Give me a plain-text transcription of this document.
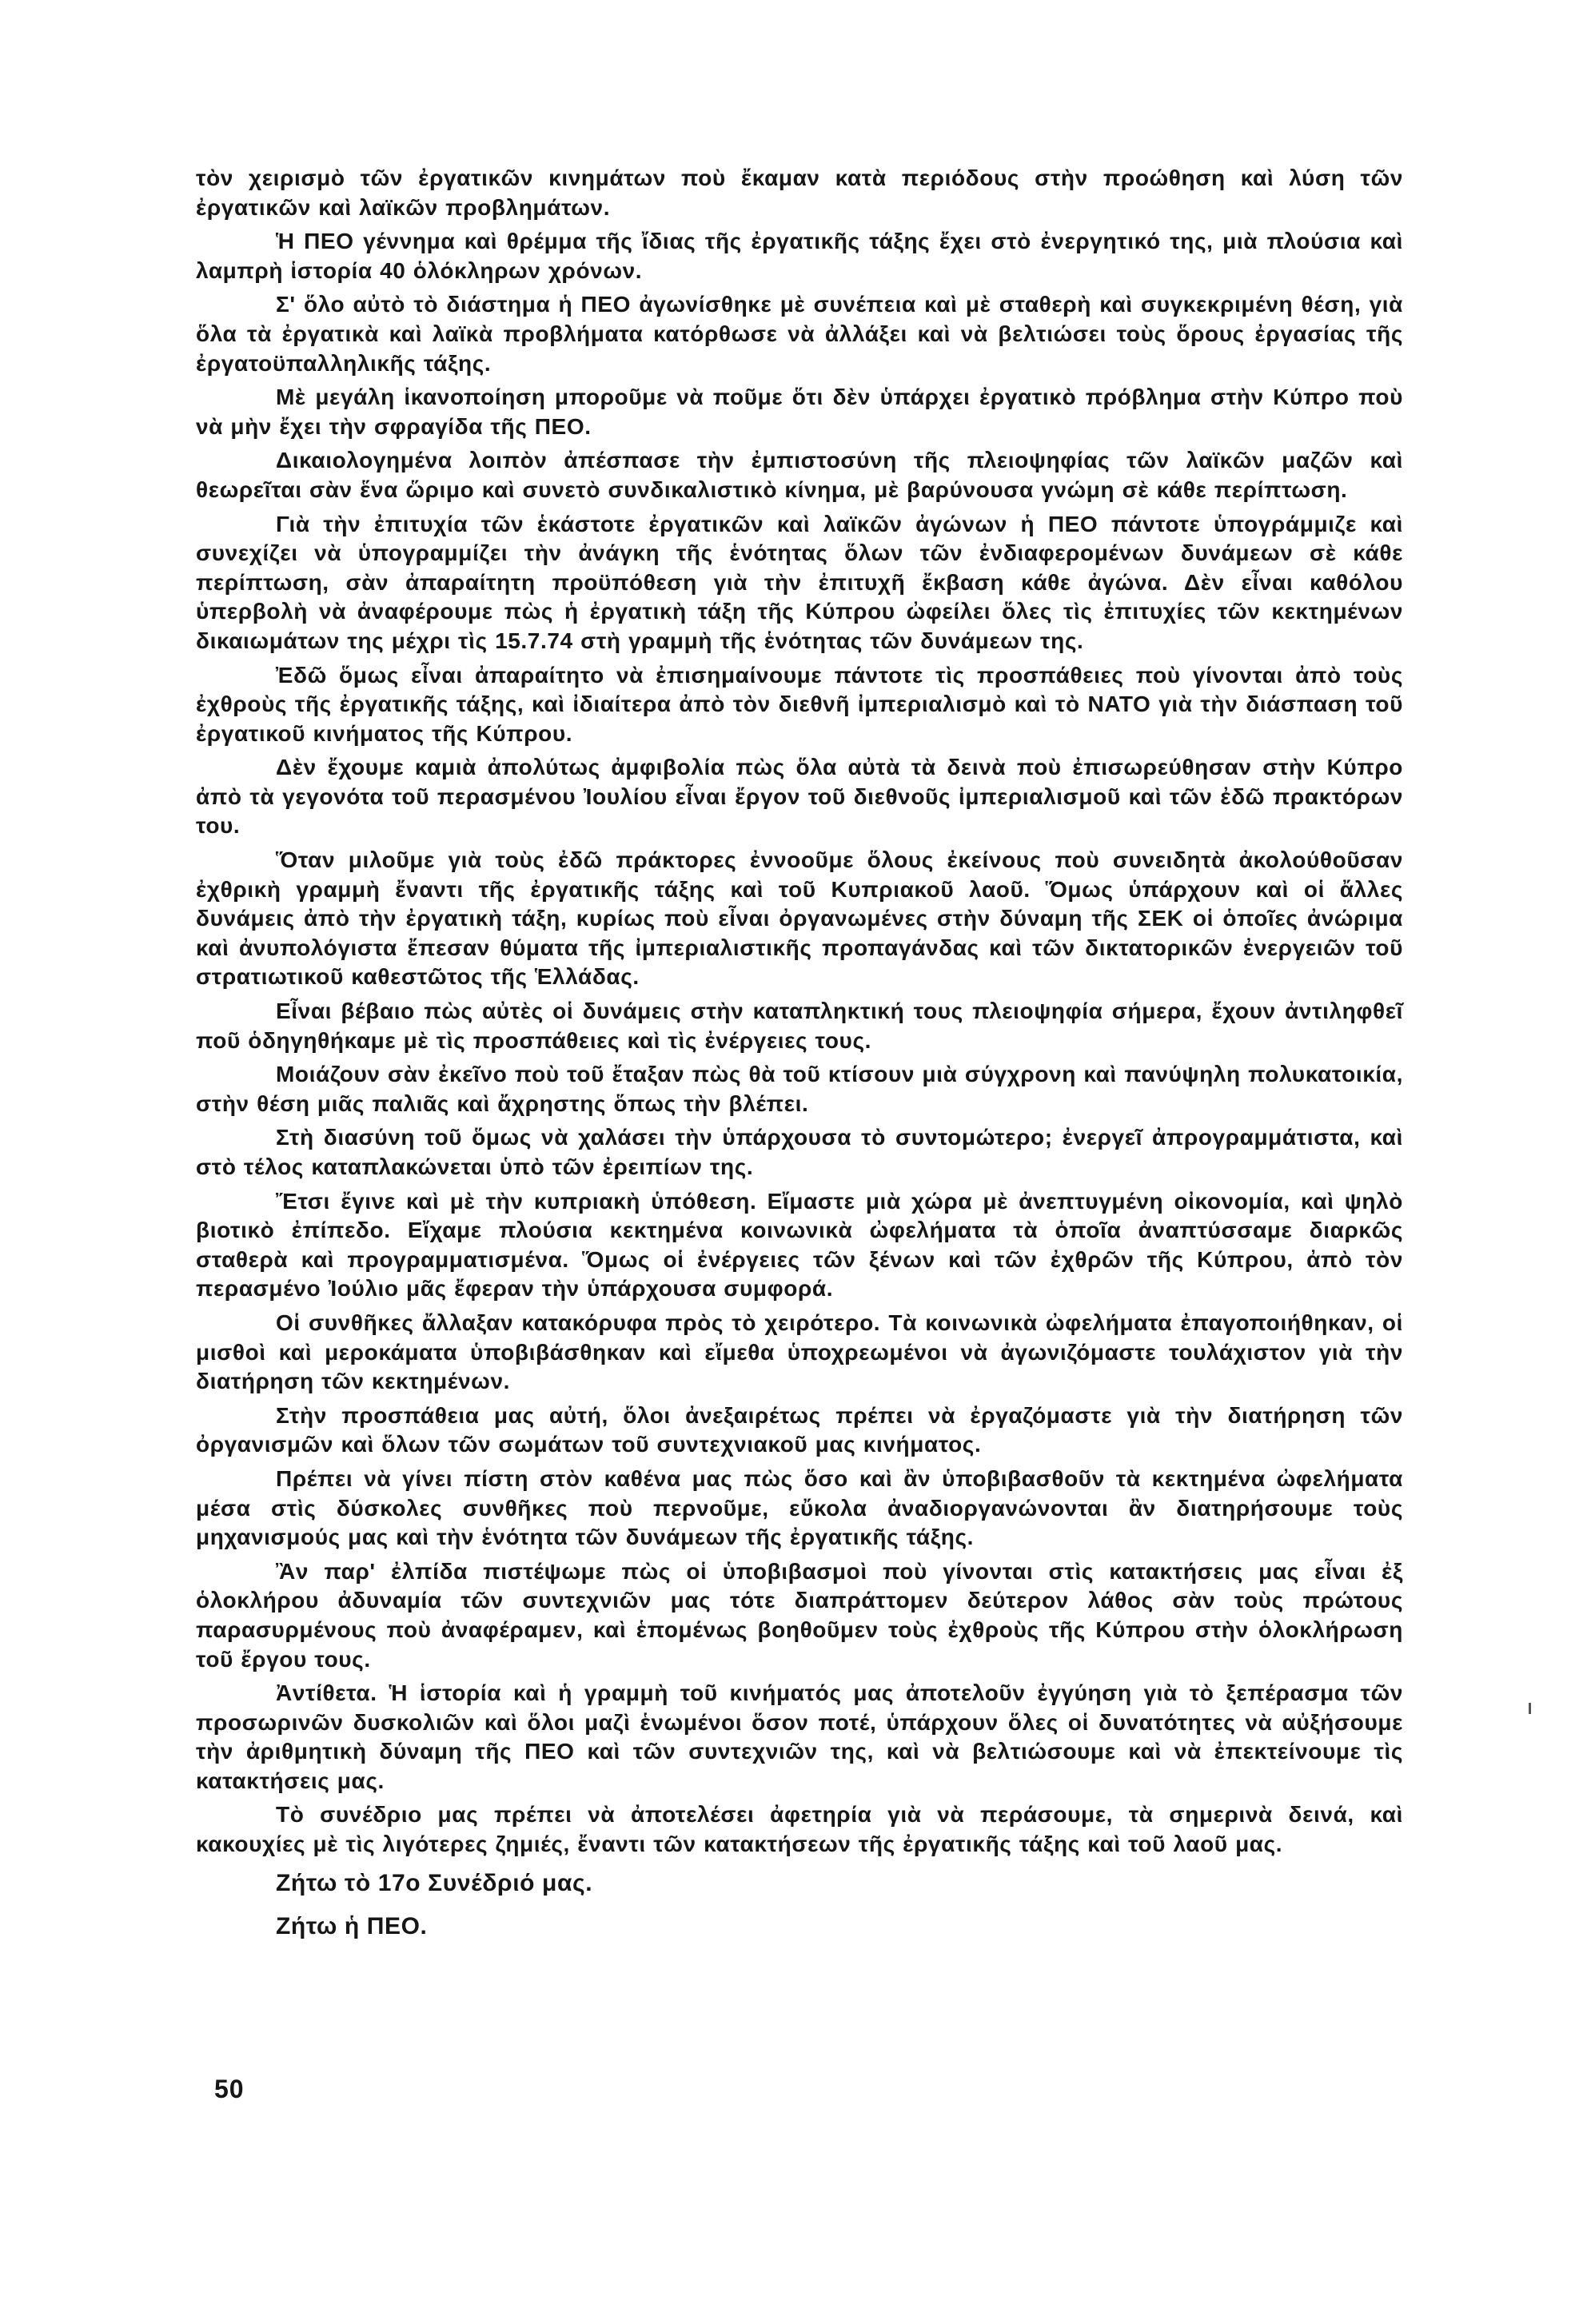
τὸν χειρισμὸ τῶν ἐργατικῶν κινημάτων ποὺ ἔκαμαν κατὰ περιόδους στὴν προώθηση καὶ λύση τῶν ἐργατικῶν καὶ λαϊκῶν προβλημάτων.

Ἡ ΠΕΟ γέννημα καὶ θρέμμα τῆς ἴδιας τῆς ἐργατικῆς τάξης ἔχει στὸ ἐνεργητικό της, μιὰ πλούσια καὶ λαμπρὴ ἱστορία 40 ὁλόκληρων χρόνων.

Σ' ὅλο αὐτὸ τὸ διάστημα ἡ ΠΕΟ ἀγωνίσθηκε μὲ συνέπεια καὶ μὲ σταθερὴ καὶ συγκεκριμένη θέση, γιὰ ὅλα τὰ ἐργατικὰ καὶ λαϊκὰ προβλήματα κατόρθωσε νὰ ἀλλάξει καὶ νὰ βελτιώσει τοὺς ὅρους ἐργασίας τῆς ἐργατοϋπαλληλικῆς τάξης.

Μὲ μεγάλη ἱκανοποίηση μποροῦμε νὰ ποῦμε ὅτι δὲν ὑπάρχει ἐργατικὸ πρόβλημα στὴν Κύπρο ποὺ νὰ μὴν ἔχει τὴν σφραγίδα τῆς ΠΕΟ.

Δικαιολογημένα λοιπὸν ἀπέσπασε τὴν ἐμπιστοσύνη τῆς πλειοψηφίας τῶν λαϊκῶν μαζῶν καὶ θεωρεῖται σὰν ἕνα ὥριμο καὶ συνετὸ συνδικαλιστικὸ κίνημα, μὲ βαρύνουσα γνώμη σὲ κάθε περίπτωση.

Γιὰ τὴν ἐπιτυχία τῶν ἑκάστοτε ἐργατικῶν καὶ λαϊκῶν ἀγώνων ἡ ΠΕΟ πάντοτε ὑπογράμμιζε καὶ συνεχίζει νὰ ὑπογραμμίζει τὴν ἀνάγκη τῆς ἑνότητας ὅλων τῶν ἐνδιαφερομένων δυνάμεων σὲ κάθε περίπτωση, σὰν ἀπαραίτητη προϋπόθεση γιὰ τὴν ἐπιτυχῆ ἔκβαση κάθε ἀγώνα. Δὲν εἶναι καθόλου ὑπερβολὴ νὰ ἀναφέρουμε πὼς ἡ ἐργατικὴ τάξη τῆς Κύπρου ὠφείλει ὅλες τὶς ἐπιτυχίες τῶν κεκτημένων δικαιωμάτων της μέχρι τὶς 15.7.74 στὴ γραμμὴ τῆς ἑνότητας τῶν δυνάμεων της.

Ἐδῶ ὅμως εἶναι ἀπαραίτητο νὰ ἐπισημαίνουμε πάντοτε τὶς προσπάθειες ποὺ γίνονται ἀπὸ τοὺς ἐχθροὺς τῆς ἐργατικῆς τάξης, καὶ ἰδιαίτερα ἀπὸ τὸν διεθνῆ ἰμπεριαλισμὸ καὶ τὸ ΝΑΤΟ γιὰ τὴν διάσπαση τοῦ ἐργατικοῦ κινήματος τῆς Κύπρου.

Δὲν ἔχουμε καμιὰ ἀπολύτως ἀμφιβολία πὼς ὅλα αὐτὰ τὰ δεινὰ ποὺ ἐπισωρεύθησαν στὴν Κύπρο ἀπὸ τὰ γεγονότα τοῦ περασμένου Ἰουλίου εἶναι ἔργον τοῦ διεθνοῦς ἰμπεριαλισμοῦ καὶ τῶν ἐδῶ πρακτόρων του.

Ὅταν μιλοῦμε γιὰ τοὺς ἐδῶ πράκτορες ἐννοοῦμε ὅλους ἐκείνους ποὺ συνειδητὰ ἀκολούθοῦσαν ἐχθρικὴ γραμμὴ ἔναντι τῆς ἐργατικῆς τάξης καὶ τοῦ Κυπριακοῦ λαοῦ. Ὅμως ὑπάρχουν καὶ οἱ ἄλλες δυνάμεις ἀπὸ τὴν ἐργατικὴ τάξη, κυρίως ποὺ εἶναι ὀργανωμένες στὴν δύναμη τῆς ΣΕΚ οἱ ὁποῖες ἀνώριμα καὶ ἀνυπολόγιστα ἔπεσαν θύματα τῆς ἰμπεριαλιστικῆς προπαγάνδας καὶ τῶν δικτατορικῶν ἐνεργειῶν τοῦ στρατιωτικοῦ καθεστῶτος τῆς Ἑλλάδας.

Εἶναι βέβαιο πὼς αὐτὲς οἱ δυνάμεις στὴν καταπληκτική τους πλειοψηφία σήμερα, ἔχουν ἀντιληφθεῖ ποῦ ὁδηγηθήκαμε μὲ τὶς προσπάθειες καὶ τὶς ἐνέργειες τους.

Μοιάζουν σὰν ἐκεῖνο ποὺ τοῦ ἔταξαν πὼς θὰ τοῦ κτίσουν μιὰ σύγχρονη καὶ πανύψηλη πολυκατοικία, στὴν θέση μιᾶς παλιᾶς καὶ ἄχρηστης ὅπως τὴν βλέπει.

Στὴ διασύνη τοῦ ὅμως νὰ χαλάσει τὴν ὑπάρχουσα τὸ συντομώτερο; ἐνεργεῖ ἀπρογραμμάτιστα, καὶ στὸ τέλος καταπλακώνεται ὑπὸ τῶν ἐρειπίων της.

Ἔτσι ἔγινε καὶ μὲ τὴν κυπριακὴ ὑπόθεση. Εἴμαστε μιὰ χώρα μὲ ἀνεπτυγμένη οἰκονομία, καὶ ψηλὸ βιοτικὸ ἐπίπεδο. Εἴχαμε πλούσια κεκτημένα κοινωνικὰ ὠφελήματα τὰ ὁποῖα ἀναπτύσσαμε διαρκῶς σταθερὰ καὶ προγραμματισμένα. Ὅμως οἱ ἐνέργειες τῶν ξένων καὶ τῶν ἐχθρῶν τῆς Κύπρου, ἀπὸ τὸν περασμένο Ἰούλιο μᾶς ἔφεραν τὴν ὑπάρχουσα συμφορά.

Οἱ συνθῆκες ἄλλαξαν κατακόρυφα πρὸς τὸ χειρότερο. Τὰ κοινωνικὰ ὠφελήματα ἐπαγοποιήθηκαν, οἱ μισθοὶ καὶ μεροκάματα ὑποβιβάσθηκαν καὶ εἴμεθα ὑποχρεωμένοι νὰ ἀγωνιζόμαστε τουλάχιστον γιὰ τὴν διατήρηση τῶν κεκτημένων.

Στὴν προσπάθεια μας αὐτή, ὅλοι ἀνεξαιρέτως πρέπει νὰ ἐργαζόμαστε γιὰ τὴν διατήρηση τῶν ὀργανισμῶν καὶ ὅλων τῶν σωμάτων τοῦ συντεχνιακοῦ μας κινήματος.

Πρέπει νὰ γίνει πίστη στὸν καθένα μας πὼς ὅσο καὶ ἂν ὑποβιβασθοῦν τὰ κεκτημένα ὠφελήματα μέσα στὶς δύσκολες συνθῆκες ποὺ περνοῦμε, εὔκολα ἀναδιοργανώνονται ἂν διατηρήσουμε τοὺς μηχανισμούς μας καὶ τὴν ἑνότητα τῶν δυνάμεων τῆς ἐργατικῆς τάξης.

Ἂν παρ' ἐλπίδα πιστέψωμε πὼς οἱ ὑποβιβασμοὶ ποὺ γίνονται στὶς κατακτήσεις μας εἶναι ἐξ ὁλοκλήρου ἀδυναμία τῶν συντεχνιῶν μας τότε διαπράττομεν δεύτερον λάθος σὰν τοὺς πρώτους παρασυρμένους ποὺ ἀναφέραμεν, καὶ ἑπομένως βοηθοῦμεν τοὺς ἐχθροὺς τῆς Κύπρου στὴν ὁλοκλήρωση τοῦ ἔργου τους.

Ἀντίθετα. Ἡ ἱστορία καὶ ἡ γραμμὴ τοῦ κινήματός μας ἀποτελοῦν ἐγγύηση γιὰ τὸ ξεπέρασμα τῶν προσωρινῶν δυσκολιῶν καὶ ὅλοι μαζὶ ἑνωμένοι ὅσον ποτέ, ὑπάρχουν ὅλες οἱ δυνατότητες νὰ αὐξήσουμε τὴν ἀριθμητικὴ δύναμη τῆς ΠΕΟ καὶ τῶν συντεχνιῶν της, καὶ νὰ βελτιώσουμε καὶ νὰ ἐπεκτείνουμε τὶς κατακτήσεις μας.

Τὸ συνέδριο μας πρέπει νὰ ἀποτελέσει ἀφετηρία γιὰ νὰ περάσουμε, τὰ σημερινὰ δεινά, καὶ κακουχίες μὲ τὶς λιγότερες ζημιές, ἔναντι τῶν κατακτήσεων τῆς ἐργατικῆς τάξης καὶ τοῦ λαοῦ μας.

Ζήτω τὸ 17ο Συνέδριό μας.
Ζήτω ἡ ΠΕΟ.
50
